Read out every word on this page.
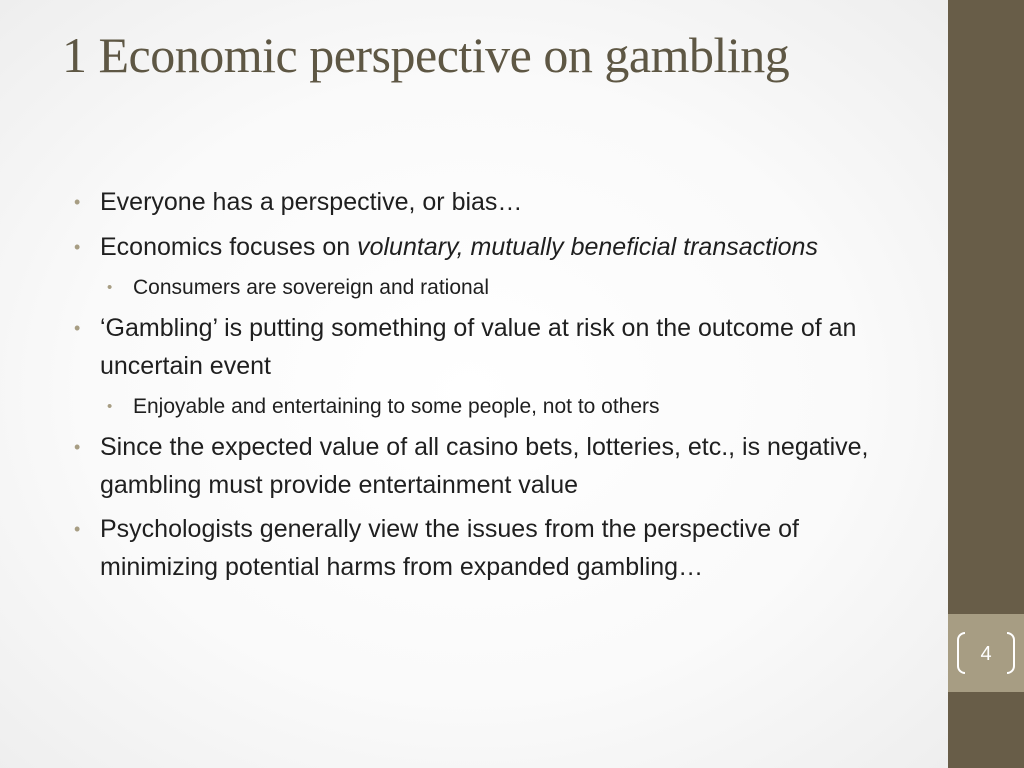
1 Economic perspective on gambling
• Everyone has a perspective, or bias…
• Economics focuses on voluntary, mutually beneficial transactions
• Consumers are sovereign and rational
• ‘Gambling’ is putting something of value at risk on the outcome of an uncertain event
• Enjoyable and entertaining to some people, not to others
• Since the expected value of all casino bets, lotteries, etc., is negative, gambling must provide entertainment value
• Psychologists generally view the issues from the perspective of minimizing potential harms from expanded gambling…
4
